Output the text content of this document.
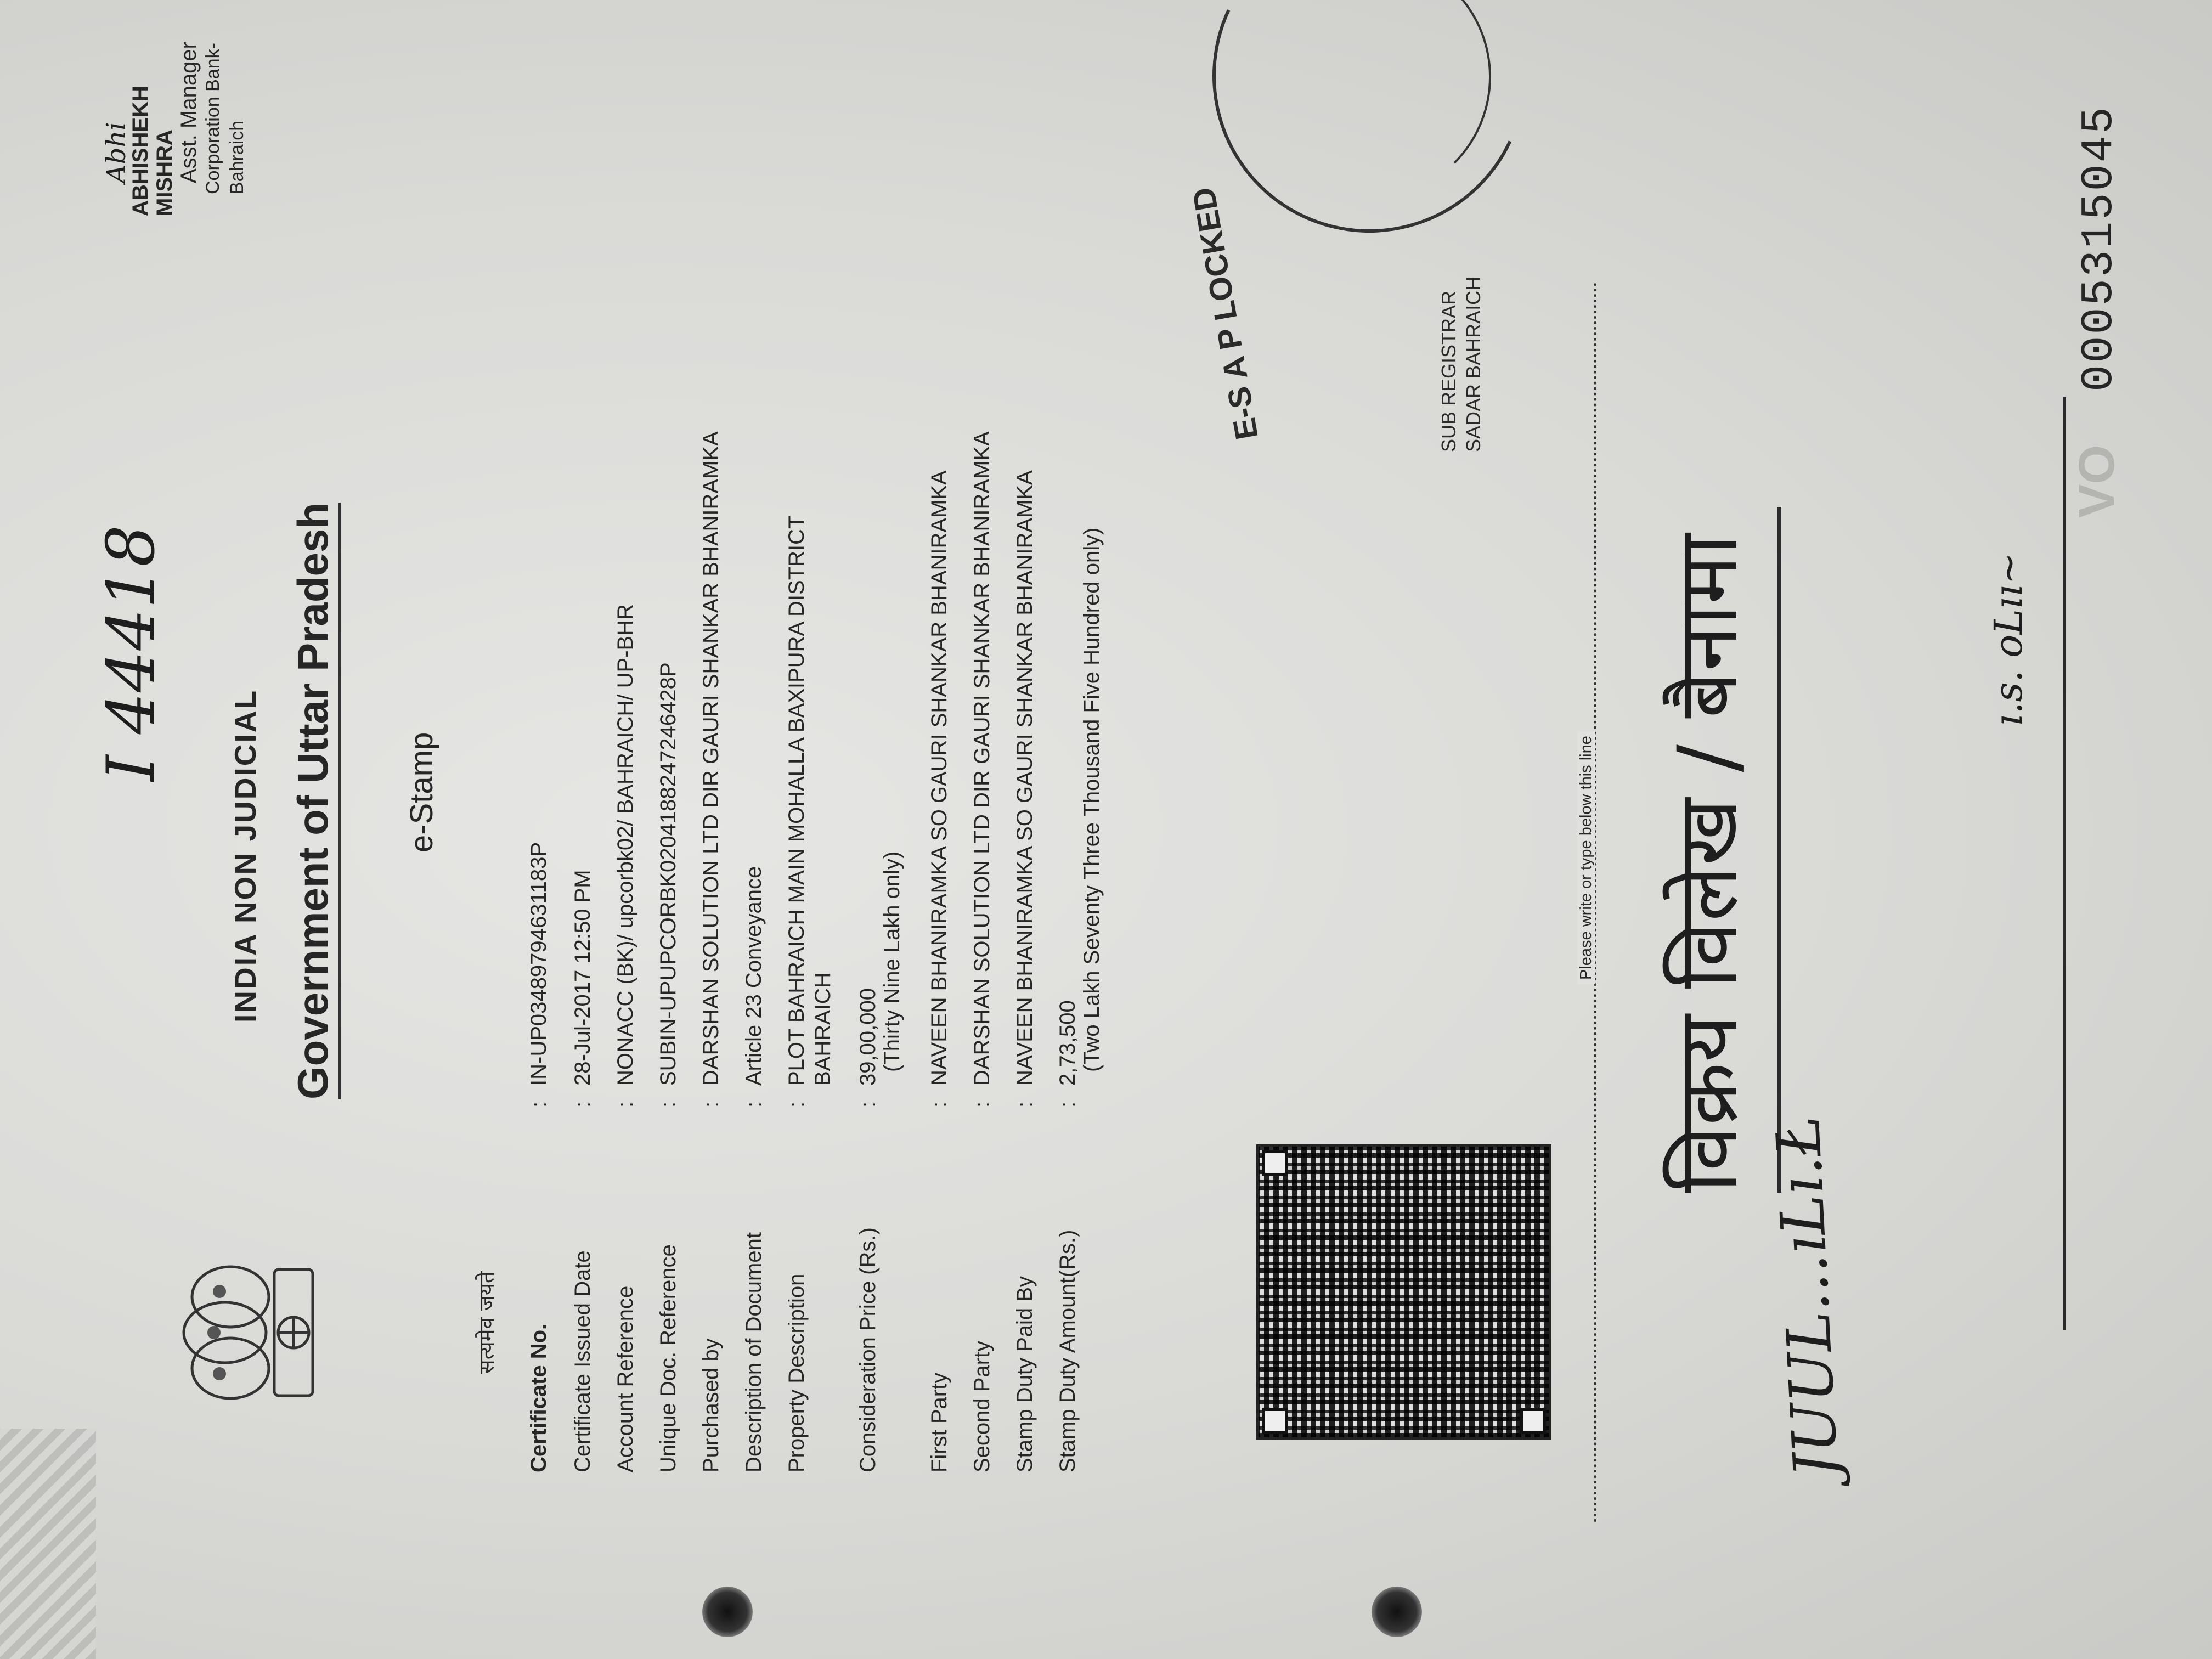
I 44418
सत्यमेव जयते
INDIA NON JUDICIAL Government of Uttar Pradesh e-Stamp
Abhi
ABHISHEKH MISHRA Asst. Manager Corporation Bank-Bahraich
Certificate No. Certificate Issued Date Account Reference Unique Doc. Reference Purchased by Description of Document Property Description Consideration Price (Rs.) First Party Second Party Stamp Duty Paid By Stamp Duty Amount(Rs.)
: : : : : : : : : : : :
IN-UP03489794631183P 28-Jul-2017 12:50 PM NONACC (BK)/ upcorbk02/ BAHRAICH/ UP-BHR SUBIN-UPUPCORBK02041882472​46428P DARSHAN SOLUTION LTD DIR GAURI SHANKAR BHANIRAMKA Article 23 Conveyance PLOT BAHRAICH MAIN MOHALLA BAXIPURA DISTRICT BAHRAICH 39,00,000 (Thirty Nine Lakh only) NAVEEN BHANIRAMKA SO GAURI SHANKAR BHANIRAMKA DARSHAN SOLUTION LTD DIR GAURI SHANKAR BHANIRAMKA NAVEEN BHANIRAMKA SO GAURI SHANKAR BHANIRAMKA 2,73,500 (Two Lakh Seventy Three Thousand Five Hundred only)
E-S A P LOCKED	SUB REGISTRAR SADAR BAHRAICH
Please write or type below this line विक्रय विलेख / बैनामा
JUUL...ıLı.Ł
ı.s. oLıı~
0005315045
VO
